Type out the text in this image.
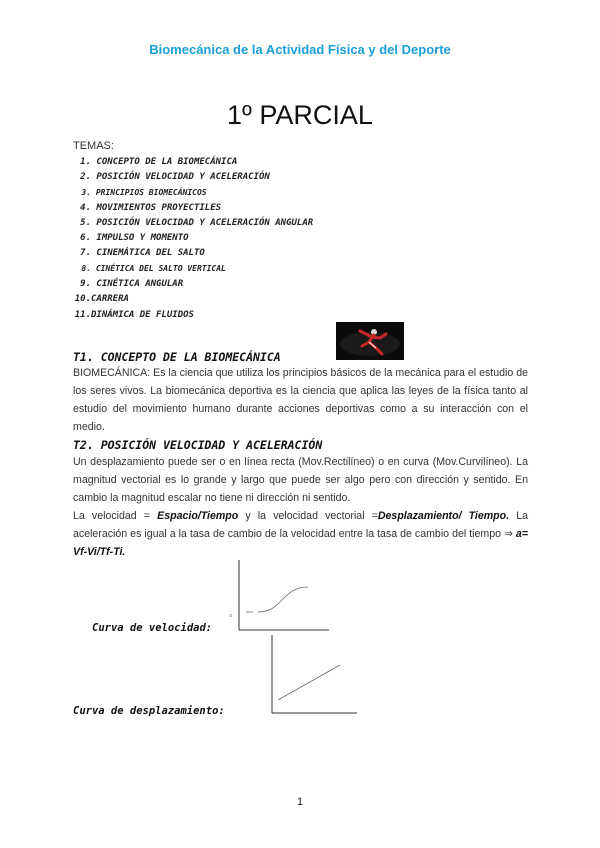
Biomecánica de la Actividad Física y del Deporte
1º PARCIAL
TEMAS:
1.
CONCEPTO DE LA BIOMECÁNICA
2.
POSICIÓN VELOCIDAD Y ACELERACIÓN
3.
PRINCIPIOS BIOMECÁNICOS
4.
MOVIMIENTOS PROYECTILES
5.
POSICIÓN VELOCIDAD Y ACELERACIÓN ANGULAR
6.
IMPULSO Y MOMENTO
7.
CINEMÁTICA DEL SALTO
8.
CINÉTICA DEL SALTO VERTICAL
9.
CINÉTICA ANGULAR
10. CARRERA
11. DINÁMICA DE FLUIDOS
T1. CONCEPTO DE LA BIOMECÁNICA

BIOMECÁNICA: Es la ciencia que utiliza los principios básicos de la mecánica para el estudio de los seres vivos. La biomecánica deportiva es la ciencia que aplica las leyes de la física tanto al estudio del movimiento humano durante acciones deportivas como a su interacción con el medio.

T2. POSICIÓN VELOCIDAD Y ACELERACIÓN

Un desplazamiento puede ser o en línea recta (Mov.Rectilíneo) o en curva (Mov.Curvilíneo). La magnitud vectorial es lo grande y largo que puede ser algo pero con dirección y sentido. En cambio la magnitud escalar no tiene ni dirección ni sentido.

La velocidad = Espacio/Tiempo y la velocidad vectorial =Desplazamiento/ Tiempo. La aceleración es igual a la tasa de cambio de la velocidad entre la tasa de cambio del tiempo ⇒ a= Vf-Vi/Tf-Ti.

o
Curva de velocidad:
Curva de desplazamiento:
1
